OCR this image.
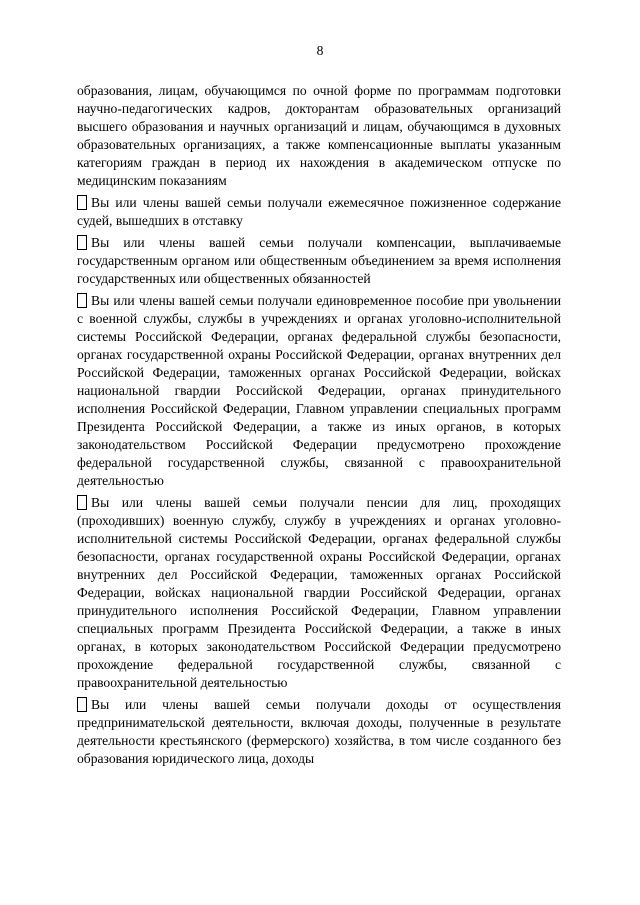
8

образования, лицам, обучающимся по очной форме по программам подготовки научно-педагогических кадров, докторантам образовательных организаций высшего образования и научных организаций и лицам, обучающимся в духовных образовательных организациях, а также компенсационные выплаты указанным категориям граждан в период их нахождения в академическом отпуске по медицинским показаниям

Вы или члены вашей семьи получали ежемесячное пожизненное содержание судей, вышедших в отставку

Вы или члены вашей семьи получали компенсации, выплачиваемые государственным органом или общественным объединением за время исполнения государственных или общественных обязанностей

Вы или члены вашей семьи получали единовременное пособие при увольнении с военной службы, службы в учреждениях и органах уголовно-исполнительной системы Российской Федерации, органах федеральной службы безопасности, органах государственной охраны Российской Федерации, органах внутренних дел Российской Федерации, таможенных органах Российской Федерации, войсках национальной гвардии Российской Федерации, органах принудительного исполнения Российской Федерации, Главном управлении специальных программ Президента Российской Федерации, а также из иных органов, в которых законодательством Российской Федерации предусмотрено прохождение федеральной государственной службы, связанной с правоохранительной деятельностью

Вы или члены вашей семьи получали пенсии для лиц, проходящих (проходивших) военную службу, службу в учреждениях и органах уголовно-исполнительной системы Российской Федерации, органах федеральной службы безопасности, органах государственной охраны Российской Федерации, органах внутренних дел Российской Федерации, таможенных органах Российской Федерации, войсках национальной гвардии Российской Федерации, органах принудительного исполнения Российской Федерации, Главном управлении специальных программ Президента Российской Федерации, а также в иных органах, в которых законодательством Российской Федерации предусмотрено прохождение федеральной государственной службы, связанной с правоохранительной деятельностью

Вы или члены вашей семьи получали доходы от осуществления предпринимательской деятельности, включая доходы, полученные в результате деятельности крестьянского (фермерского) хозяйства, в том числе созданного без образования юридического лица, доходы
